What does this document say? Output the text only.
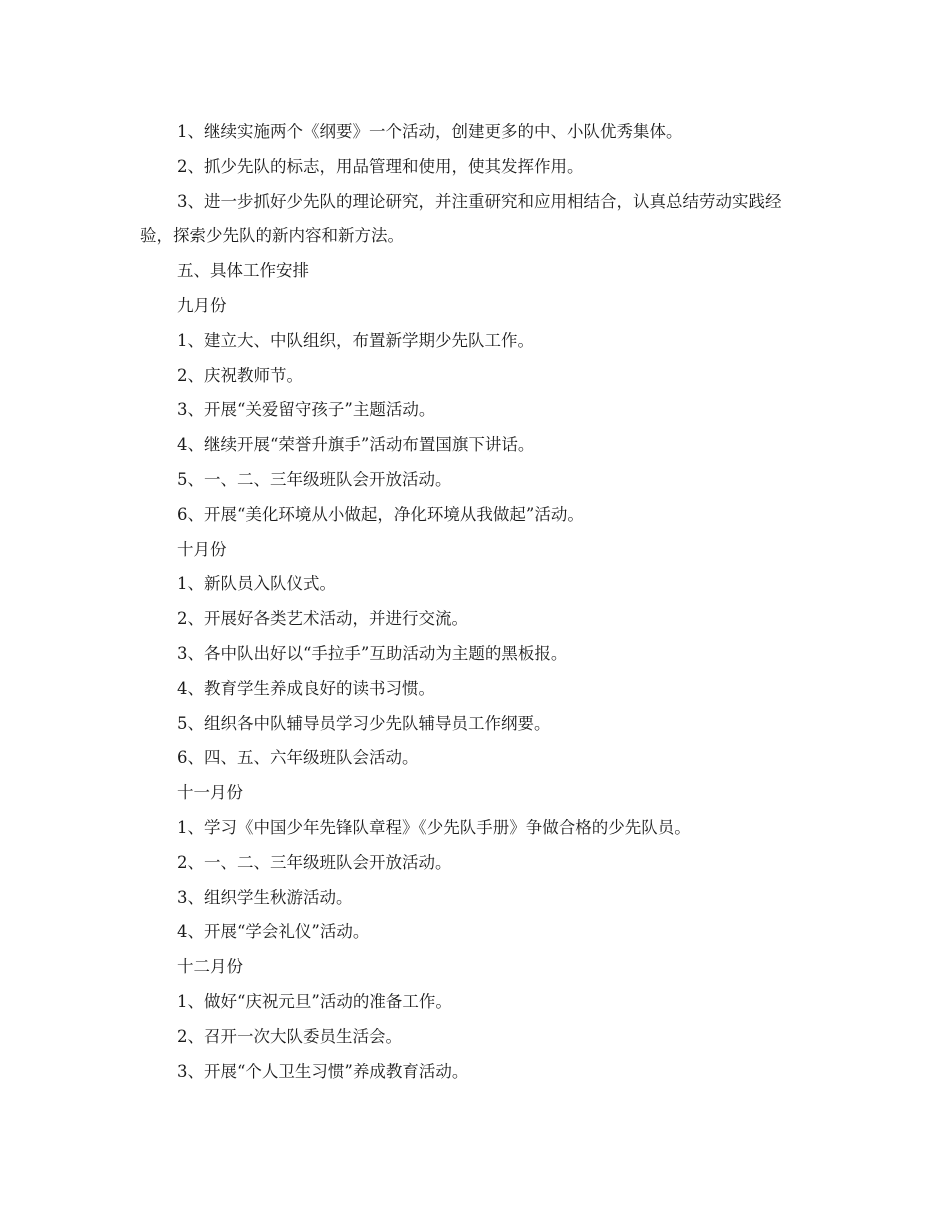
1、继续实施两个《纲要》一个活动，创建更多的中、小队优秀集体。

2、抓少先队的标志，用品管理和使用，使其发挥作用。

3、进一步抓好少先队的理论研究，并注重研究和应用相结合，认真总结劳动实践经验，探索少先队的新内容和新方法。

五、具体工作安排

九月份

1、建立大、中队组织，布置新学期少先队工作。

2、庆祝教师节。

3、开展“关爱留守孩子”主题活动。

4、继续开展“荣誉升旗手”活动布置国旗下讲话。

5、一、二、三年级班队会开放活动。

6、开展“美化环境从小做起，净化环境从我做起”活动。

十月份

1、新队员入队仪式。

2、开展好各类艺术活动，并进行交流。

3、各中队出好以“手拉手”互助活动为主题的黑板报。

4、教育学生养成良好的读书习惯。

5、组织各中队辅导员学习少先队辅导员工作纲要。

6、四、五、六年级班队会活动。

十一月份

1、学习《中国少年先锋队章程》《少先队手册》争做合格的少先队员。

2、一、二、三年级班队会开放活动。

3、组织学生秋游活动。

4、开展“学会礼仪”活动。

十二月份

1、做好“庆祝元旦”活动的准备工作。

2、召开一次大队委员生活会。

3、开展“个人卫生习惯”养成教育活动。
